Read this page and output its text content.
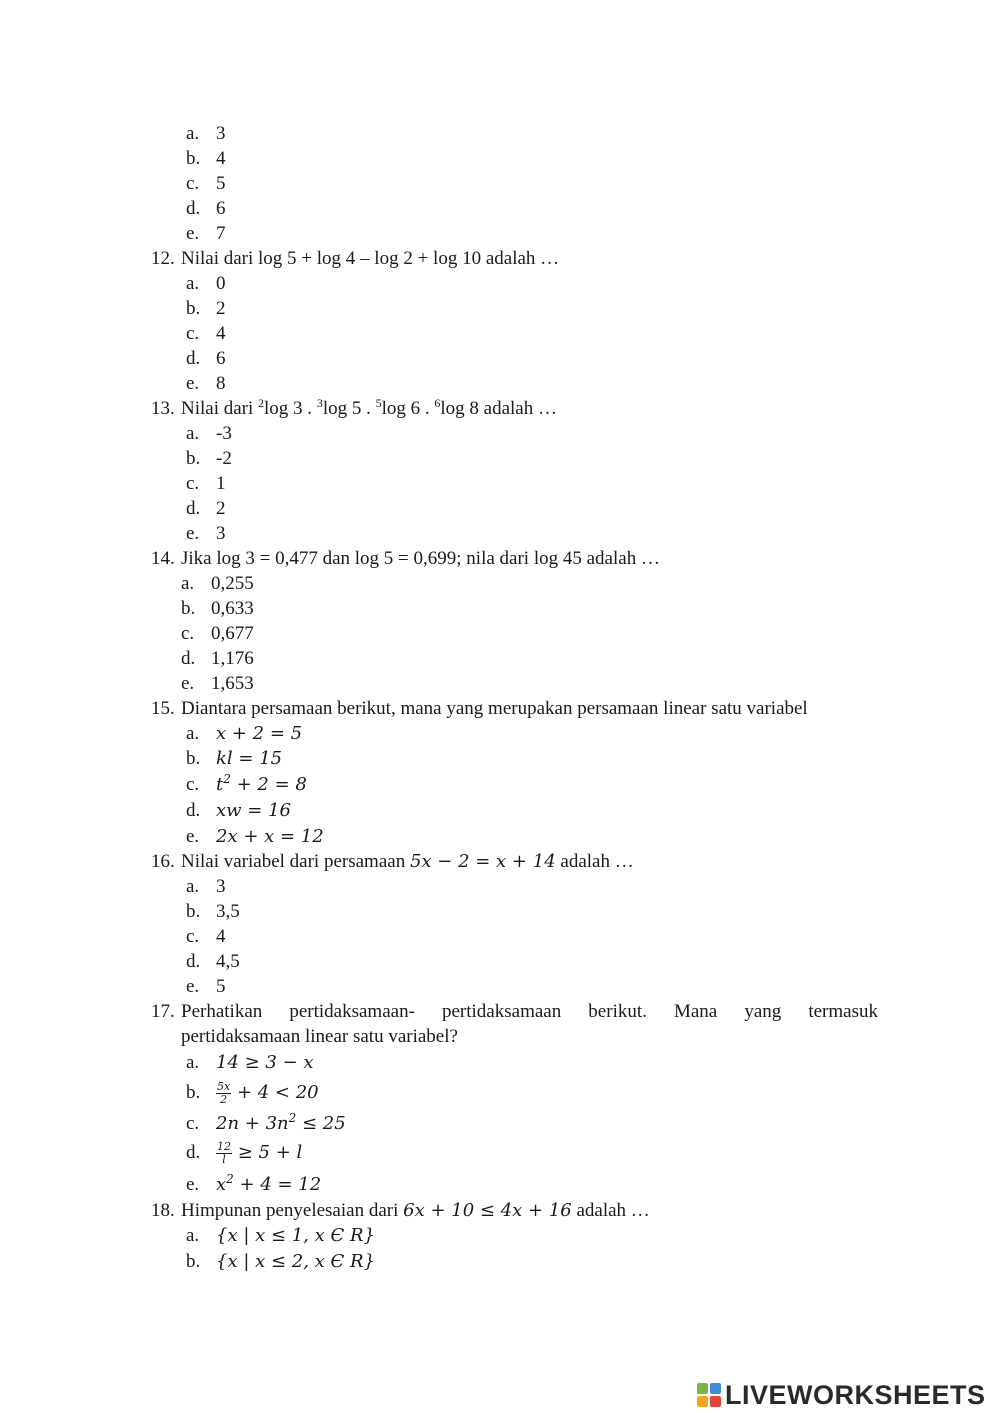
a. 3
b. 4
c. 5
d. 6
e. 7
12. Nilai dari log 5 + log 4 – log 2 + log 10 adalah …
a. 0
b. 2
c. 4
d. 6
e. 8
13. Nilai dari $^2$log 3 . $^3$log 5 . $^5$log 6 . $^6$log 8 adalah …
a. -3
b. -2
c. 1
d. 2
e. 3
14. Jika log 3 = 0,477 dan log 5 = 0,699; nila dari log 45 adalah …
a. 0,255
b. 0,633
c. 0,677
d. 1,176
e. 1,653
15. Diantara persamaan berikut, mana yang merupakan persamaan linear satu variabel
a. x + 2 = 5
b. kl = 15
c. $t^2 + 2 = 8$
d. xw = 16
e. 2x + x = 12
16. Nilai variabel dari persamaan 5x − 2 = x + 14 adalah …
a. 3
b. 3,5
c. 4
d. 4,5
e. 5
17. Perhatikan pertidaksamaan- pertidaksamaan berikut. Mana yang termasuk
pertidaksamaan linear satu variabel?
a. 14 ≥ 3 − x
b. $\frac{5x}{2} + 4 < 20$
c. $2n + 3n^2 \le 25$
d. $\frac{12}{l} \ge 5 + l$
e. $x^2 + 4 = 12$
18. Himpunan penyelesaian dari 6x + 10 ≤ 4x + 16 adalah …
a. {x | x ≤ 1, x Є R}
b. {x | x ≤ 2, x Є R}
LIVEWORKSHEETS
